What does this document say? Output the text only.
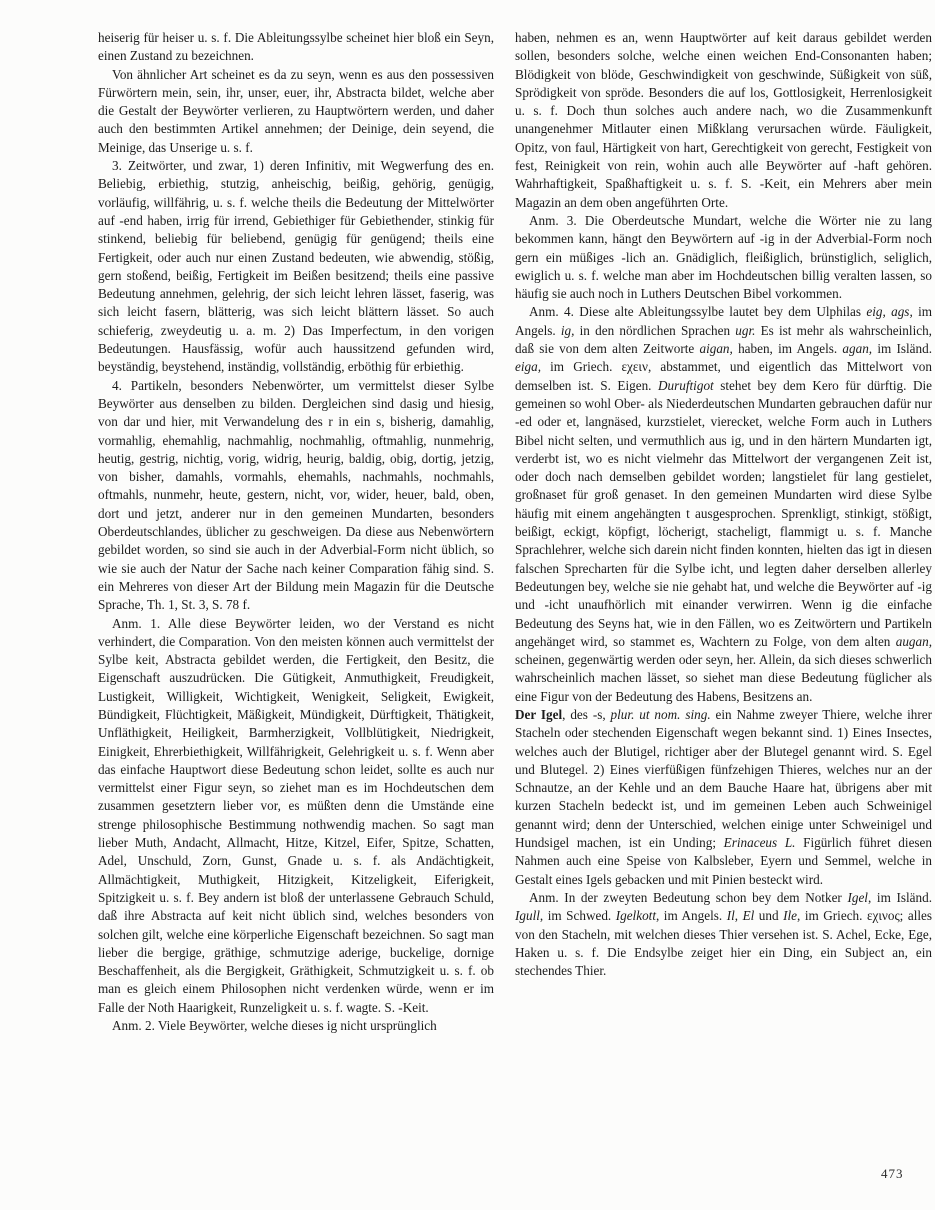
heiserig für heiser u. s. f. Die Ableitungssylbe scheinet hier bloß ein Seyn, einen Zustand zu bezeichnen.

Von ähnlicher Art scheinet es da zu seyn, wenn es aus den possessiven Fürwörtern mein, sein, ihr, unser, euer, ihr, Abstracta bildet, welche aber die Gestalt der Beywörter verlieren, zu Hauptwörtern werden, und daher auch den bestimmten Artikel annehmen; der Deinige, dein seyend, die Meinige, das Unserige u. s. f.

3. Zeitwörter, und zwar, 1) deren Infinitiv, mit Wegwerfung des en. Beliebig, erbiethig, stutzig, anheischig, beißig, gehörig, genügig, vorläufig, willfährig, u. s. f. welche theils die Bedeutung der Mittelwörter auf -end haben, irrig für irrend, Gebiethiger für Gebiethender, stinkig für stinkend, beliebig für beliebend, genügig für genügend; theils eine Fertigkeit, oder auch nur einen Zustand bedeuten, wie abwendig, stößig, gern stoßend, beißig, Fertigkeit im Beißen besitzend; theils eine passive Bedeutung annehmen, gelehrig, der sich leicht lehren lässet, faserig, was sich leicht fasern, blätterig, was sich leicht blättern lässet. So auch schieferig, zweydeutig u. a. m. 2) Das Imperfectum, in den vorigen Bedeutungen. Hausfässig, wofür auch haussitzend gefunden wird, beyständig, beystehend, inständig, vollständig, erböthig für erbiethig.

4. Partikeln, besonders Nebenwörter, um vermittelst dieser Sylbe Beywörter aus denselben zu bilden. Dergleichen sind dasig und hiesig, von dar und hier, mit Verwandelung des r in ein s, bisherig, damahlig, vormahlig, ehemahlig, nachmahlig, nochmahlig, oftmahlig, nunmehrig, heutig, gestrig, nichtig, vorig, widrig, heurig, baldig, obig, dortig, jetzig, von bisher, damahls, vormahls, ehemahls, nachmahls, nochmahls, oftmahls, nunmehr, heute, gestern, nicht, vor, wider, heuer, bald, oben, dort und jetzt, anderer nur in den gemeinen Mundarten, besonders Oberdeutschlandes, üblicher zu geschweigen. Da diese aus Nebenwörtern gebildet worden, so sind sie auch in der Adverbial-Form nicht üblich, so wie sie auch der Natur der Sache nach keiner Comparation fähig sind. S. ein Mehreres von dieser Art der Bildung mein Magazin für die Deutsche Sprache, Th. 1, St. 3, S. 78 f.

Anm. 1. Alle diese Beywörter leiden, wo der Verstand es nicht verhindert, die Comparation. Von den meisten können auch vermittelst der Sylbe keit, Abstracta gebildet werden, die Fertigkeit, den Besitz, die Eigenschaft auszudrücken. Die Gütigkeit, Anmuthigkeit, Freudigkeit, Lustigkeit, Willigkeit, Wichtigkeit, Wenigkeit, Seligkeit, Ewigkeit, Bündigkeit, Flüchtigkeit, Mäßigkeit, Mündigkeit, Dürftigkeit, Thätigkeit, Unfläthigkeit, Heiligkeit, Barmherzigkeit, Vollblütigkeit, Niedrigkeit, Einigkeit, Ehrerbiethigkeit, Willfährigkeit, Gelehrigkeit u. s. f. Wenn aber das einfache Hauptwort diese Bedeutung schon leidet, sollte es auch nur vermittelst einer Figur seyn, so ziehet man es im Hochdeutschen dem zusammen gesetztern lieber vor, es müßten denn die Umstände eine strenge philosophische Bestimmung nothwendig machen. So sagt man lieber Muth, Andacht, Allmacht, Hitze, Kitzel, Eifer, Spitze, Schatten, Adel, Unschuld, Zorn, Gunst, Gnade u. s. f. als Andächtigkeit, Allmächtigkeit, Muthigkeit, Hitzigkeit, Kitzeligkeit, Eiferigkeit, Spitzigkeit u. s. f. Bey andern ist bloß der unterlassene Gebrauch Schuld, daß ihre Abstracta auf keit nicht üblich sind, welches besonders von solchen gilt, welche eine körperliche Eigenschaft bezeichnen. So sagt man lieber die bergige, gräthige, schmutzige aderige, buckelige, dornige Beschaffenheit, als die Bergigkeit, Gräthigkeit, Schmutzigkeit u. s. f. ob man es gleich einem Philosophen nicht verdenken würde, wenn er im Falle der Noth Haarigkeit, Runzeligkeit u. s. f. wagte. S. -Keit.

Anm. 2. Viele Beywörter, welche dieses ig nicht ursprünglich

haben, nehmen es an, wenn Hauptwörter auf keit daraus gebildet werden sollen, besonders solche, welche einen weichen End-Consonanten haben; Blödigkeit von blöde, Geschwindigkeit von geschwinde, Süßigkeit von süß, Sprödigkeit von spröde. Besonders die auf los, Gottlosigkeit, Herrenlosigkeit u. s. f. Doch thun solches auch andere nach, wo die Zusammenkunft unangenehmer Mitlauter einen Mißklang verursachen würde. Fäuligkeit, Opitz, von faul, Härtigkeit von hart, Gerechtigkeit von gerecht, Festigkeit von fest, Reinigkeit von rein, wohin auch alle Beywörter auf -haft gehören. Wahrhaftigkeit, Spaßhaftigkeit u. s. f. S. -Keit, ein Mehrers aber mein Magazin an dem oben angeführten Orte.

Anm. 3. Die Oberdeutsche Mundart, welche die Wörter nie zu lang bekommen kann, hängt den Beywörtern auf -ig in der Adverbial-Form noch gern ein müßiges -lich an. Gnädiglich, fleißiglich, brünstiglich, seliglich, ewiglich u. s. f. welche man aber im Hochdeutschen billig veralten lassen, so häufig sie auch noch in Luthers Deutschen Bibel vorkommen.

Anm. 4. Diese alte Ableitungssylbe lautet bey dem Ulphilas eig, ags, im Angels. ig, in den nördlichen Sprachen ugr. Es ist mehr als wahrscheinlich, daß sie von dem alten Zeitworte aigan, haben, im Angels. agan, im Isländ. eiga, im Griech. εχειν, abstammet, und eigentlich das Mittelwort von demselben ist. S. Eigen. Duruftigot stehet bey dem Kero für dürftig. Die gemeinen so wohl Ober- als Niederdeutschen Mundarten gebrauchen dafür nur -ed oder et, langnäsed, kurzstielet, vierecket, welche Form auch in Luthers Bibel nicht selten, und vermuthlich aus ig, und in den härtern Mundarten igt, verderbt ist, wo es nicht vielmehr das Mittelwort der vergangenen Zeit ist, oder doch nach demselben gebildet worden; langstielet für lang gestielet, großnaset für groß genaset. In den gemeinen Mundarten wird diese Sylbe häufig mit einem angehängten t ausgesprochen. Sprenkligt, stinkigt, stößigt, beißigt, eckigt, köpfigt, löcherigt, stacheligt, flammigt u. s. f. Manche Sprachlehrer, welche sich darein nicht finden konnten, hielten das igt in diesen falschen Sprecharten für die Sylbe icht, und legten daher derselben allerley Bedeutungen bey, welche sie nie gehabt hat, und welche die Beywörter auf -ig und -icht unaufhörlich mit einander verwirren. Wenn ig die einfache Bedeutung des Seyns hat, wie in den Fällen, wo es Zeitwörtern und Partikeln angehänget wird, so stammet es, Wachtern zu Folge, von dem alten augan, scheinen, gegenwärtig werden oder seyn, her. Allein, da sich dieses schwerlich wahrscheinlich machen lässet, so siehet man diese Bedeutung füglicher als eine Figur von der Bedeutung des Habens, Besitzens an.

Der Igel, des -s, plur. ut nom. sing. ein Nahme zweyer Thiere, welche ihrer Stacheln oder stechenden Eigenschaft wegen bekannt sind. 1) Eines Insectes, welches auch der Blutigel, richtiger aber der Blutegel genannt wird. S. Egel und Blutegel. 2) Eines vierfüßigen fünfzehigen Thieres, welches nur an der Schnautze, an der Kehle und an dem Bauche Haare hat, übrigens aber mit kurzen Stacheln bedeckt ist, und im gemeinen Leben auch Schweinigel genannt wird; denn der Unterschied, welchen einige unter Schweinigel und Hundsigel machen, ist ein Unding; Erinaceus L. Figürlich führet diesen Nahmen auch eine Speise von Kalbsleber, Eyern und Semmel, welche in Gestalt eines Igels gebacken und mit Pinien besteckt wird.

Anm. In der zweyten Bedeutung schon bey dem Notker Igel, im Isländ. Igull, im Schwed. Igelkott, im Angels. Il, El und Ile, im Griech. εχινος; alles von den Stacheln, mit welchen dieses Thier versehen ist. S. Achel, Ecke, Ege, Haken u. s. f. Die Endsylbe zeiget hier ein Ding, ein Subject an, ein stechendes Thier.

473
